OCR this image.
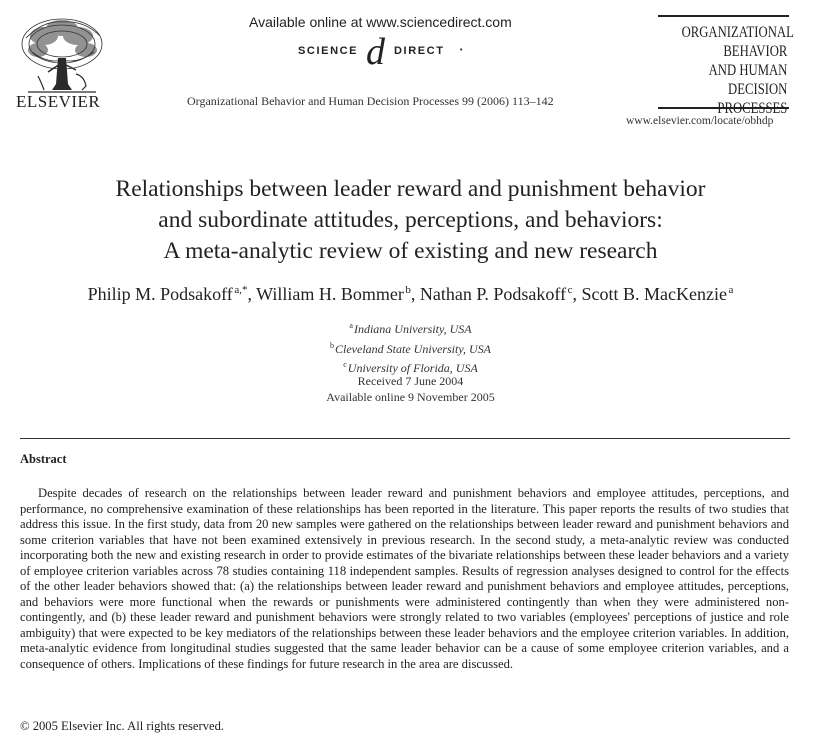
ELSEVIER
Available online at www.sciencedirect.com
SCIENCE d DIRECT •
Organizational Behavior and Human Decision Processes 99 (2006) 113–142
ORGANIZATIONAL
BEHAVIOR
AND HUMAN
DECISION PROCESSES
www.elsevier.com/locate/obhdp
Relationships between leader reward and punishment behavior
and subordinate attitudes, perceptions, and behaviors:
A meta-analytic review of existing and new research
Philip M. Podsakoff  $^{a,*}$, William H. Bommer  $^b$, Nathan P. Podsakoff  $^c$, Scott B. MacKenzie  $^a$
$^a$ Indiana University, USA
$^b$ Cleveland State University, USA
$^c$ University of Florida, USA
Received 7 June 2004
Available online 9 November 2005
Abstract
Despite decades of research on the relationships between leader reward and punishment behaviors and employee attitudes, perceptions, and performance, no comprehensive examination of these relationships has been reported in the literature. This paper reports the results of two studies that address this issue. In the first study, data from 20 new samples were gathered on the relationships between leader reward and punishment behaviors and some criterion variables that have not been examined extensively in previous research. In the second study, a meta-analytic review was conducted incorporating both the new and existing research in order to provide estimates of the bivariate relationships between these leader behaviors and a variety of employee criterion variables across 78 studies containing 118 independent samples. Results of regression analyses designed to control for the effects of the other leader behaviors showed that: (a) the relationships between leader reward and punishment behaviors and employee attitudes, perceptions, and behaviors were more functional when the rewards or punishments were administered contingently than when they were administered non-contingently, and (b) these leader reward and punishment behaviors were strongly related to two variables (employees' perceptions of justice and role ambiguity) that were expected to be key mediators of the relationships between these leader behaviors and the employee criterion variables. In addition, meta-analytic evidence from longitudinal studies suggested that the same leader behavior can be a cause of some employee criterion variables, and a consequence of others. Implications of these findings for future research in the area are discussed.
© 2005 Elsevier Inc. All rights reserved.
